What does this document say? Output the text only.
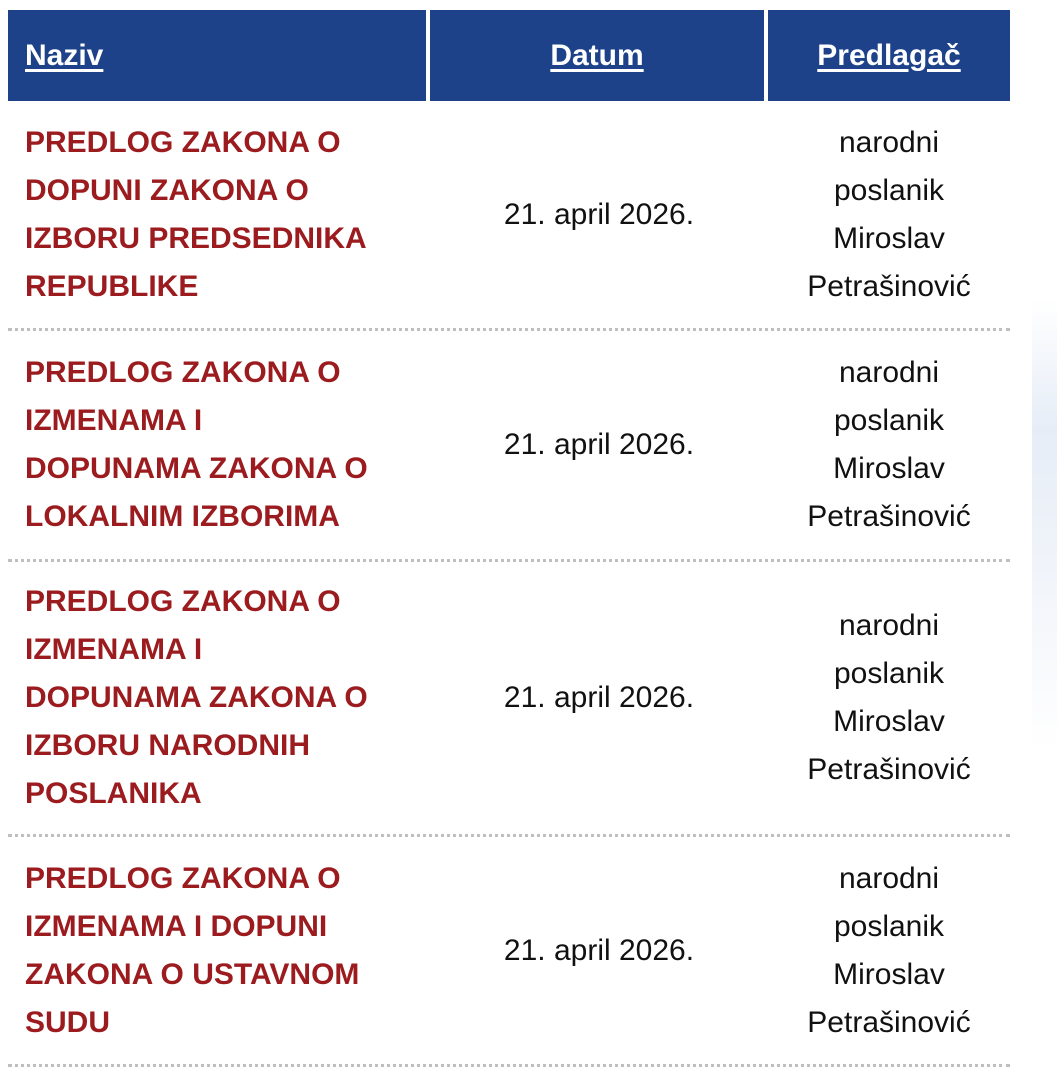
Naziv	Datum	Predlagač
PREDLOG ZAKONA O
DOPUNI ZAKONA O
IZBORU PREDSEDNIKA
REPUBLIKE
21. april 2026.
narodni
poslanik
Miroslav
Petrašinović
PREDLOG ZAKONA O
IZMENAMA I
DOPUNAMA ZAKONA O
LOKALNIM IZBORIMA
21. april 2026.
narodni
poslanik
Miroslav
Petrašinović
PREDLOG ZAKONA O
IZMENAMA I
DOPUNAMA ZAKONA O
IZBORU NARODNIH
POSLANIKA
21. april 2026.
narodni
poslanik
Miroslav
Petrašinović
PREDLOG ZAKONA O
IZMENAMA I DOPUNI
ZAKONA O USTAVNOM
SUDU
21. april 2026.
narodni
poslanik
Miroslav
Petrašinović
